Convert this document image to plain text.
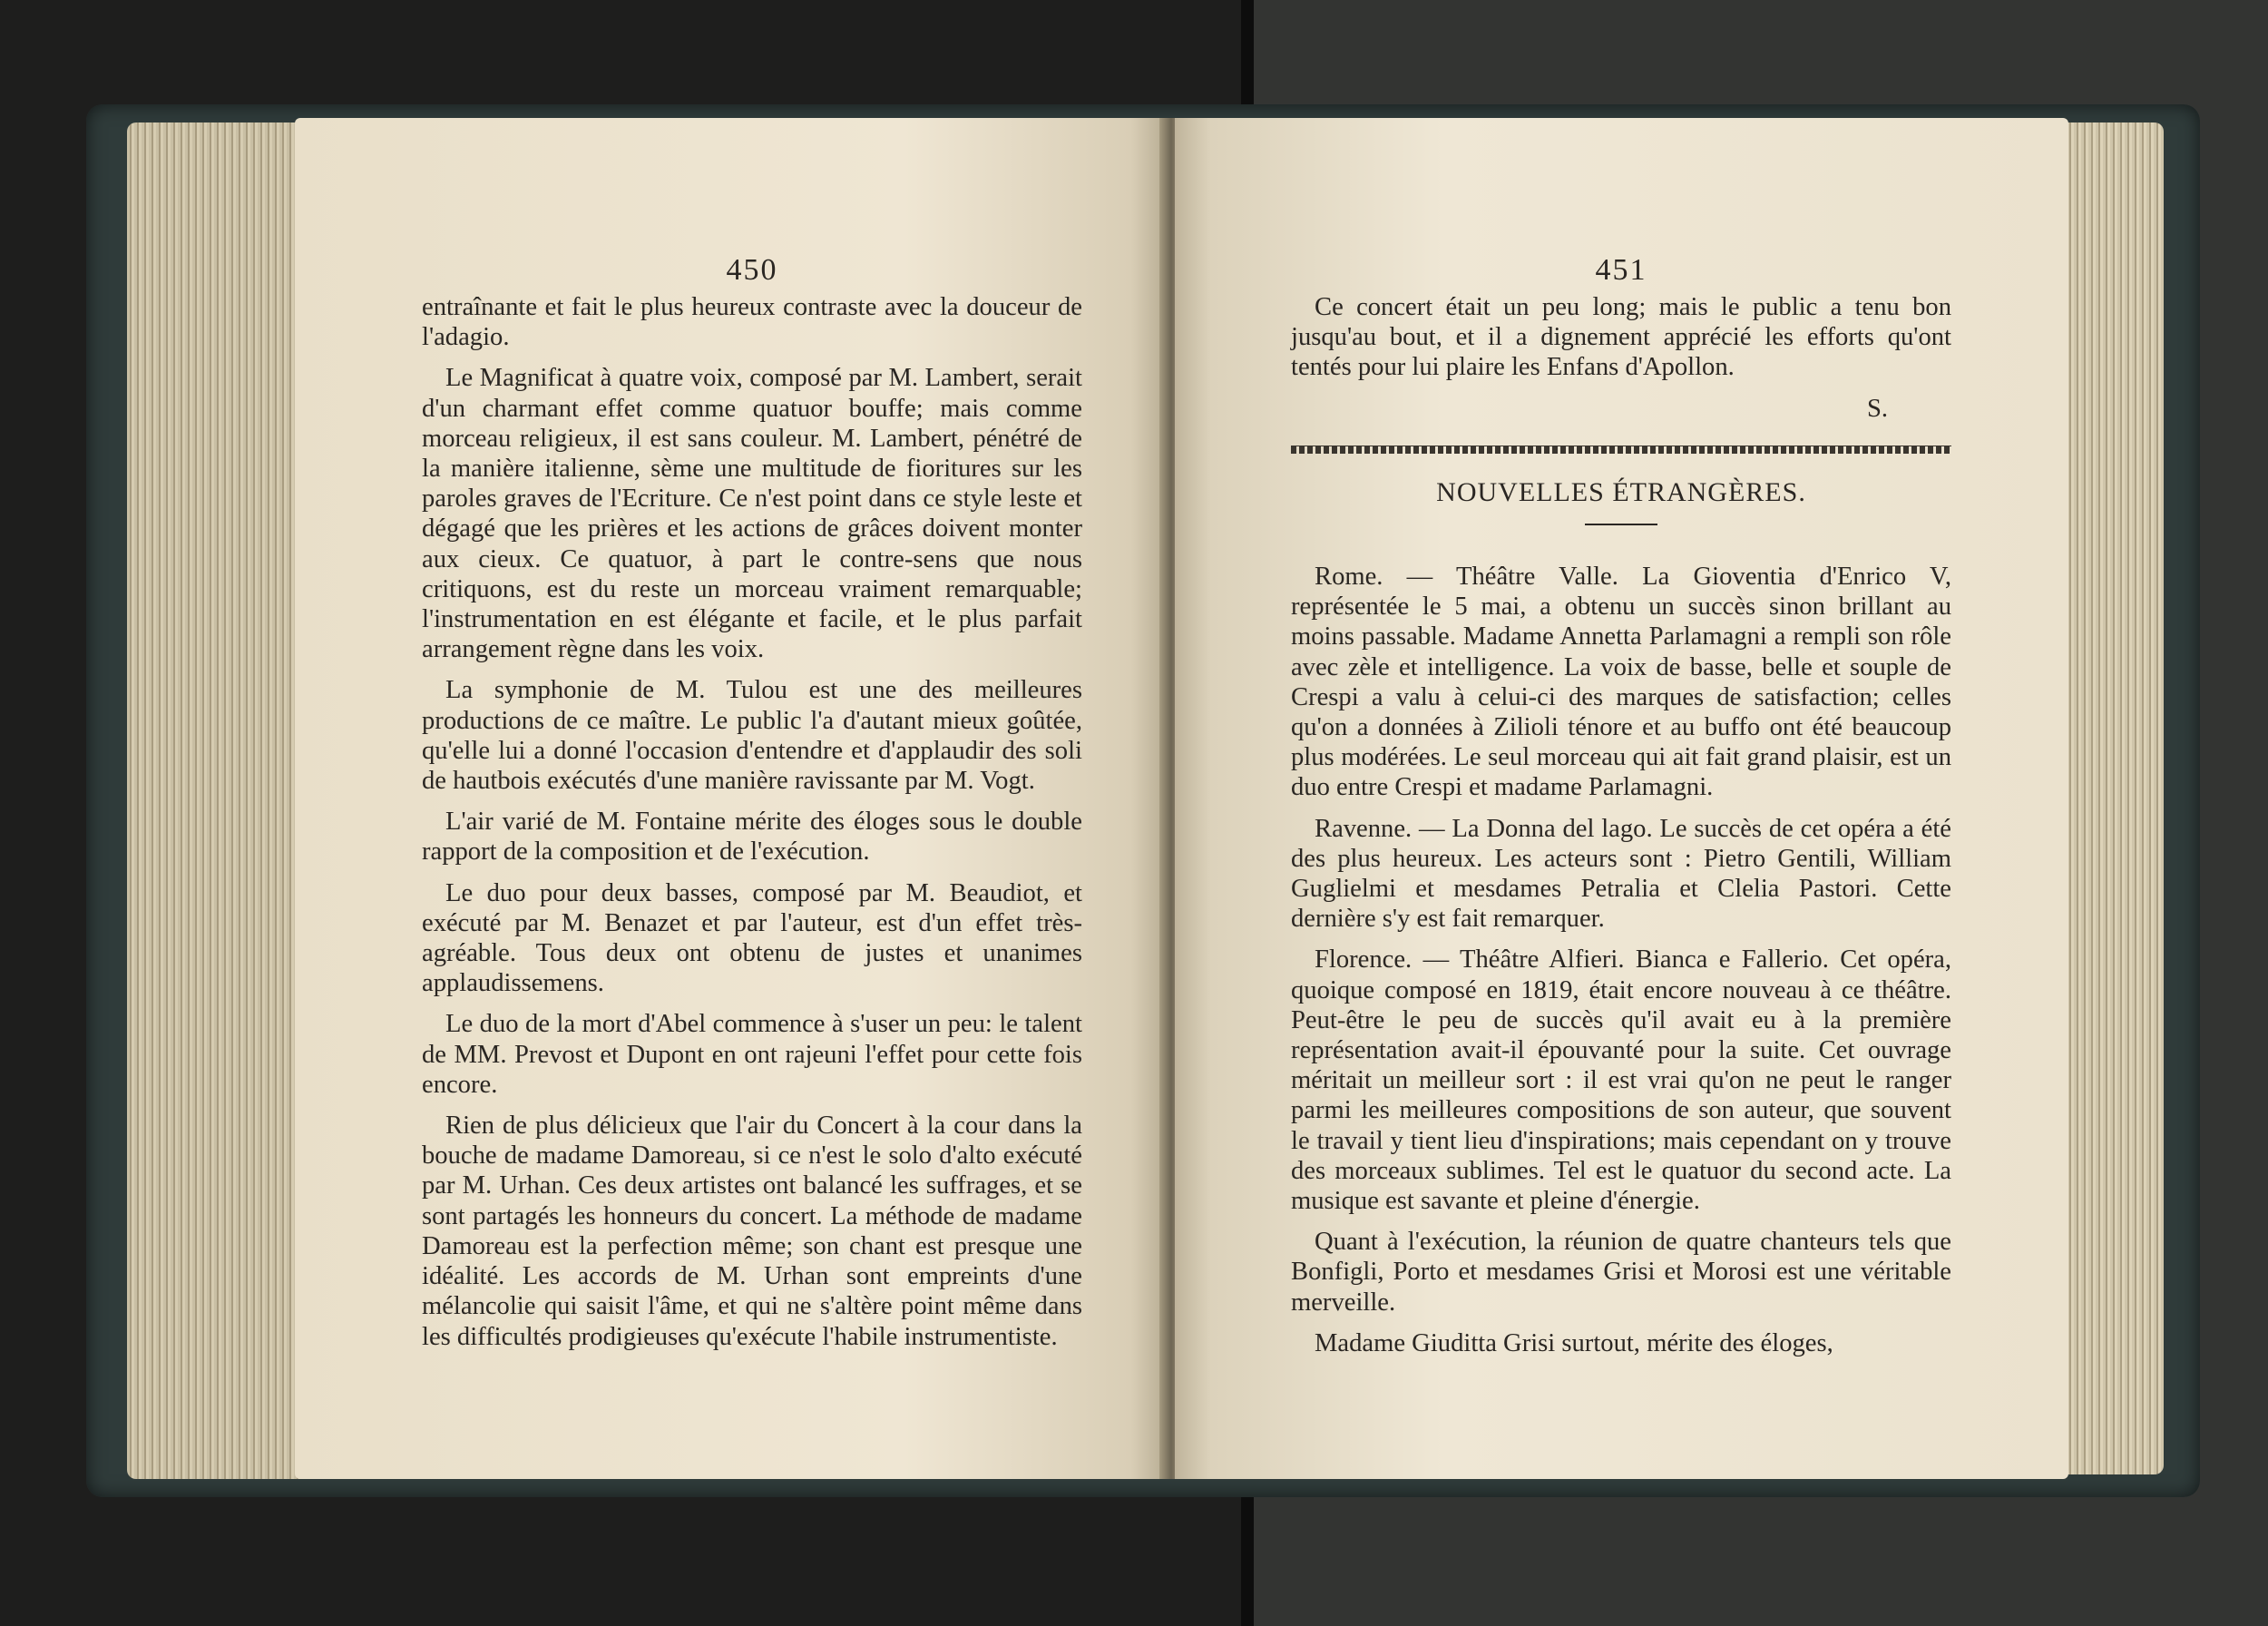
450

entraînante et fait le plus heureux contraste avec la douceur de l'adagio.

Le Magnificat à quatre voix, composé par M. Lambert, serait d'un charmant effet comme quatuor bouffe; mais comme morceau religieux, il est sans couleur. M. Lambert, pénétré de la manière italienne, sème une multitude de fioritures sur les paroles graves de l'Ecriture. Ce n'est point dans ce style leste et dégagé que les prières et les actions de grâces doivent monter aux cieux. Ce quatuor, à part le contre-sens que nous critiquons, est du reste un morceau vraiment remarquable; l'instrumentation en est élégante et facile, et le plus parfait arrangement règne dans les voix.

La symphonie de M. Tulou est une des meilleures productions de ce maître. Le public l'a d'autant mieux goûtée, qu'elle lui a donné l'occasion d'entendre et d'applaudir des soli de hautbois exécutés d'une manière ravissante par M. Vogt.

L'air varié de M. Fontaine mérite des éloges sous le double rapport de la composition et de l'exécution.

Le duo pour deux basses, composé par M. Beaudiot, et exécuté par M. Benazet et par l'auteur, est d'un effet très-agréable. Tous deux ont obtenu de justes et unanimes applaudissemens.

Le duo de la mort d'Abel commence à s'user un peu: le talent de MM. Prevost et Dupont en ont rajeuni l'effet pour cette fois encore.

Rien de plus délicieux que l'air du Concert à la cour dans la bouche de madame Damoreau, si ce n'est le solo d'alto exécuté par M. Urhan. Ces deux artistes ont balancé les suffrages, et se sont partagés les honneurs du concert. La méthode de madame Damoreau est la perfection même; son chant est presque une idéalité. Les accords de M. Urhan sont empreints d'une mélancolie qui saisit l'âme, et qui ne s'altère point même dans les difficultés prodigieuses qu'exécute l'habile instrumentiste.

451

Ce concert était un peu long; mais le public a tenu bon jusqu'au bout, et il a dignement apprécié les efforts qu'ont tentés pour lui plaire les Enfans d'Apollon.

S.
NOUVELLES ÉTRANGÈRES.

Rome. — Théâtre Valle. La Gioventia d'Enrico V, représentée le 5 mai, a obtenu un succès sinon brillant au moins passable. Madame Annetta Parlamagni a rempli son rôle avec zèle et intelligence. La voix de basse, belle et souple de Crespi a valu à celui-ci des marques de satisfaction; celles qu'on a données à Zilioli ténore et au buffo ont été beaucoup plus modérées. Le seul morceau qui ait fait grand plaisir, est un duo entre Crespi et madame Parlamagni.

Ravenne. — La Donna del lago. Le succès de cet opéra a été des plus heureux. Les acteurs sont : Pietro Gentili, William Guglielmi et mesdames Petralia et Clelia Pastori. Cette dernière s'y est fait remarquer.

Florence. — Théâtre Alfieri. Bianca e Fallerio. Cet opéra, quoique composé en 1819, était encore nouveau à ce théâtre. Peut-être le peu de succès qu'il avait eu à la première représentation avait-il épouvanté pour la suite. Cet ouvrage méritait un meilleur sort : il est vrai qu'on ne peut le ranger parmi les meilleures compositions de son auteur, que souvent le travail y tient lieu d'inspirations; mais cependant on y trouve des morceaux sublimes. Tel est le quatuor du second acte. La musique est savante et pleine d'énergie.

Quant à l'exécution, la réunion de quatre chanteurs tels que Bonfigli, Porto et mesdames Grisi et Morosi est une véritable merveille.

Madame Giuditta Grisi surtout, mérite des éloges,
